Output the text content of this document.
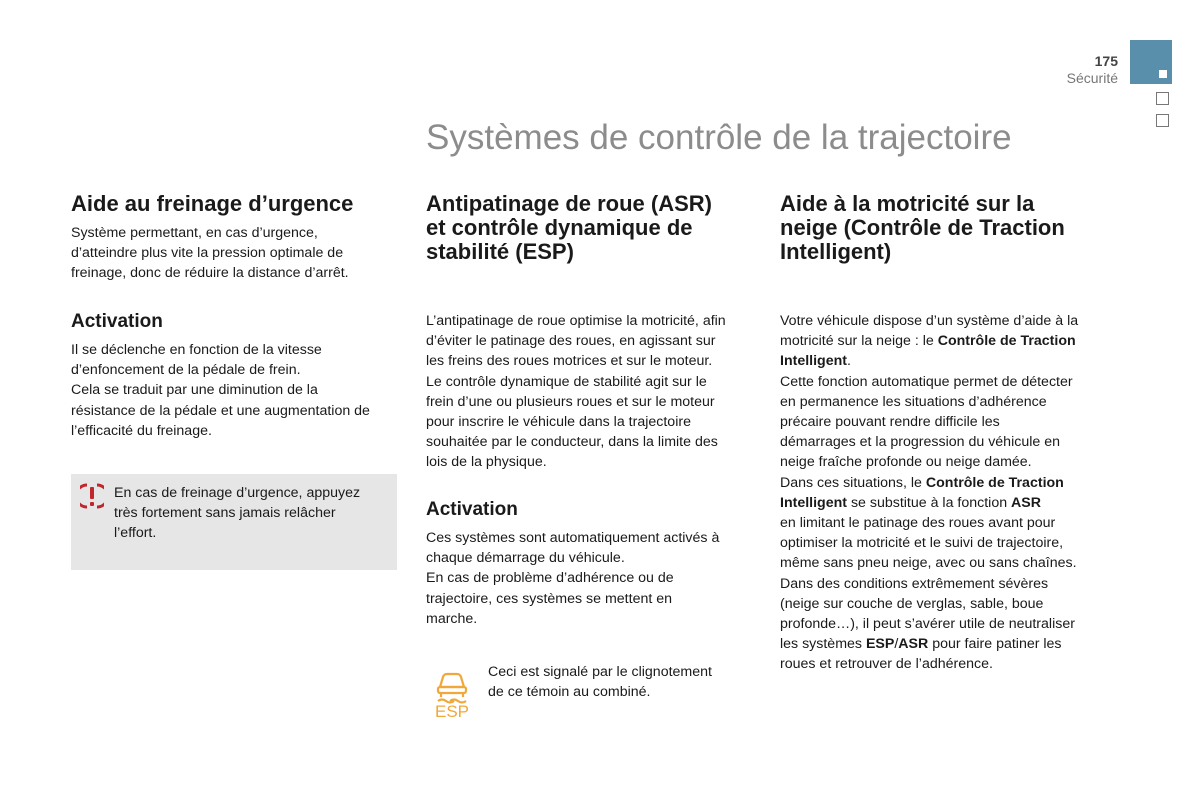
175
Sécurité
Systèmes de contrôle de la trajectoire
Aide au freinage d’urgence

Système permettant, en cas d’urgence,

d’atteindre plus vite la pression optimale de

freinage, donc de réduire la distance d’arrêt.

Activation

Il se déclenche en fonction de la vitesse

d’enfoncement de la pédale de frein.

Cela se traduit par une diminution de la

résistance de la pédale et une augmentation de

l’efficacité du freinage.

En cas de freinage d’urgence, appuyez

très fortement sans jamais relâcher

l’effort.

Antipatinage de roue (ASR)
et contrôle dynamique de
stabilité (ESP)

L’antipatinage de roue optimise la motricité, afin

d’éviter le patinage des roues, en agissant sur

les freins des roues motrices et sur le moteur.

Le contrôle dynamique de stabilité agit sur le

frein d’une ou plusieurs roues et sur le moteur

pour inscrire le véhicule dans la trajectoire

souhaitée par le conducteur, dans la limite des

lois de la physique.

Activation

Ces systèmes sont automatiquement activés à

chaque démarrage du véhicule.

En cas de problème d’adhérence ou de

trajectoire, ces systèmes se mettent en

marche.

ESP

Ceci est signalé par le clignotement

de ce témoin au combiné.

Aide à la motricité sur la
neige (Contrôle de Traction
Intelligent)

Votre véhicule dispose d’un système d’aide à la

motricité sur la neige : le Contrôle de Traction

Intelligent.

Cette fonction automatique permet de détecter

en permanence les situations d’adhérence

précaire pouvant rendre difficile les

démarrages et la progression du véhicule en

neige fraîche profonde ou neige damée.

Dans ces situations, le Contrôle de Traction

Intelligent se substitue à la fonction ASR

en limitant le patinage des roues avant pour

optimiser la motricité et le suivi de trajectoire,

même sans pneu neige, avec ou sans chaînes.

Dans des conditions extrêmement sévères

(neige sur couche de verglas, sable, boue

profonde…), il peut s’avérer utile de neutraliser

les systèmes ESP/ASR pour faire patiner les

roues et retrouver de l’adhérence.
